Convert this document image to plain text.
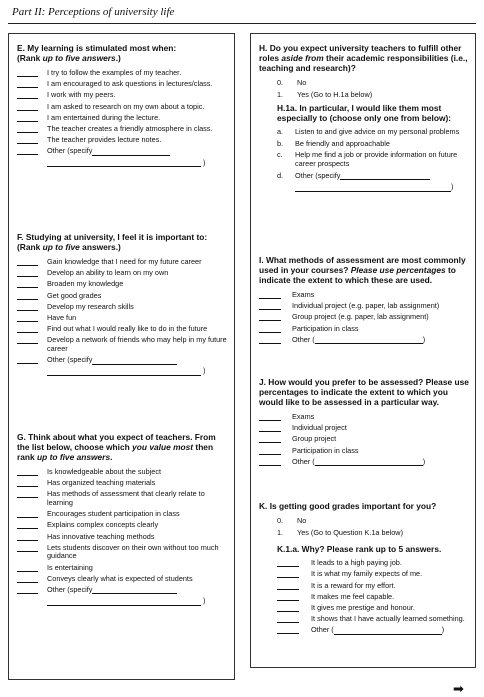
Part II: Perceptions of university life
E. My learning is stimulated most when:
(Rank up to five answers.)
I try to follow the examples of my teacher.
I am encouraged to ask questions in lectures/class.
I work with my peers.
I am asked to research on my own about a topic.
I am entertained during the lecture.
The teacher creates a friendly atmosphere in class.
The teacher provides lecture notes.
Other (specify
)
F. Studying at university, I feel it is important to: (Rank up to five answers.)
Gain knowledge that I need for my future career
Develop an ability to learn on my own
Broaden my knowledge
Get good grades
Develop my research skills
Have fun
Find out what I would really like to do in the future
Develop a network of friends who may help in my future career
Other (specify
)
G. Think about what you expect of teachers. From the list below, choose which you value most then rank up to five answers.
Is knowledgeable about the subject
Has organized teaching materials
Has methods of assessment that clearly relate to learning
Encourages student participation in class
Explains complex concepts clearly
Has innovative teaching methods
Lets students discover on their own without too much guidance
Is entertaining
Conveys clearly what is expected of students
Other (specify
)
H. Do you expect university teachers to fulfill other roles aside from their academic responsibilities (i.e., teaching and research)?
0.	No
1.	Yes (Go to H.1a below)
H.1a. In particular, I would like them most especially to (choose only one from below):
a.	Listen to and give advice on my personal problems
b.	Be friendly and approachable
c.	Help me find a job or provide information on future career prospects
d.	Other (specify
)
I. What methods of assessment are most commonly used in your courses? Please use percentages to indicate the extent to which these are used.
Exams
Individual project (e.g. paper, lab assignment)
Group project (e.g. paper, lab assignment)
Participation in class
Other (	)
J. How would you prefer to be assessed? Please use percentages to indicate the extent to which you would like to be assessed in a particular way.
Exams
Individual project
Group project
Participation in class
Other (	)
K. Is getting good grades important for you?
0.	No
1.	Yes (Go to Question K.1a below)
K.1.a. Why? Please rank up to 5 answers.
It leads to a high paying job.
It is what my family expects of me.
It is a reward for my effort.
It makes me feel capable.
It gives me prestige and honour.
It shows that I have actually learned something.
Other (	)
➡
